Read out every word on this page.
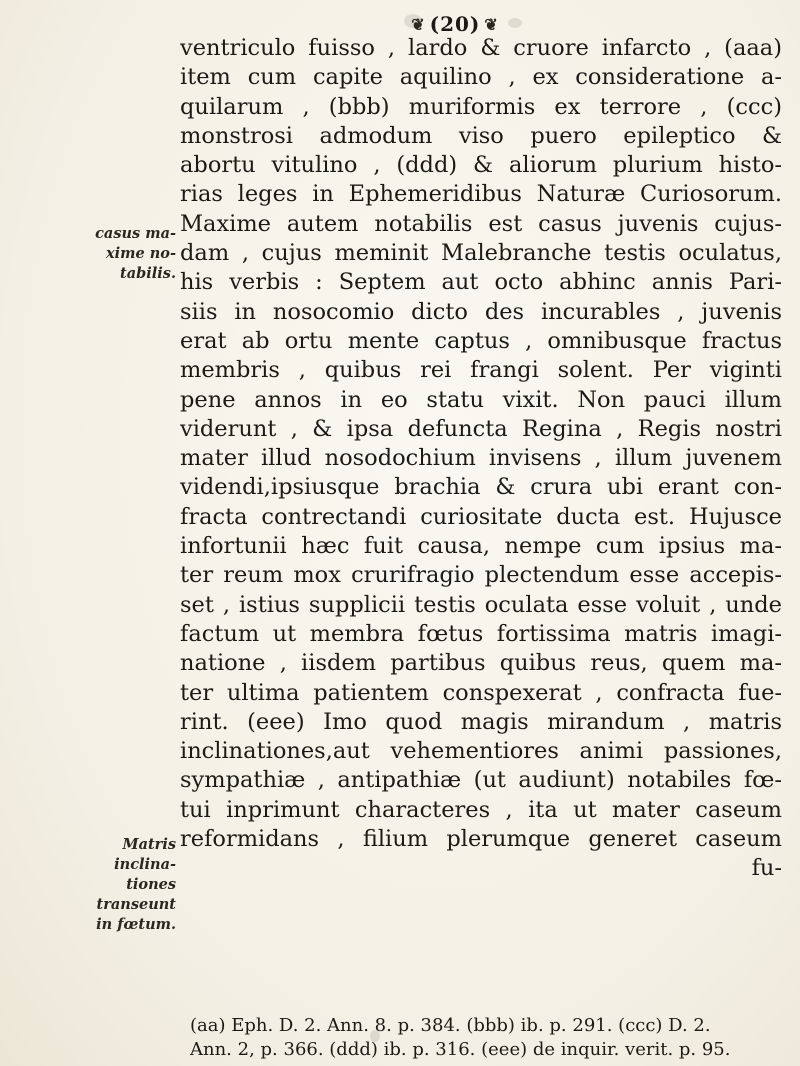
❦ (20) ❦
casus ma-
xime no-
tabilis.
Matris
inclina-
tiones
transeunt
in fœtum.
ventriculo fuisso , lardo & cruore infarcto , (aaa)
item cum capite aquilino , ex consideratione a-
quilarum , (bbb) muriformis ex terrore , (ccc)
monstrosi admodum viso puero epileptico &
abortu vitulino , (ddd) & aliorum plurium histo-
rias leges in Ephemeridibus Naturæ Curiosorum.
Maxime autem notabilis est casus juvenis cujus-
dam , cujus meminit Malebranche testis oculatus,
his verbis : Septem aut octo abhinc annis Pari-
siis in nosocomio dicto des incurables , juvenis
erat ab ortu mente captus , omnibusque fractus
membris , quibus rei frangi solent. Per viginti
pene annos in eo statu vixit. Non pauci illum
viderunt , & ipsa defuncta Regina , Regis nostri
mater illud nosodochium invisens , illum juvenem
videndi,ipsiusque brachia & crura ubi erant con-
fracta contrectandi curiositate ducta est. Hujusce
infortunii hæc fuit causa, nempe cum ipsius ma-
ter reum mox crurifragio plectendum esse accepis-
set , istius supplicii testis oculata esse voluit , unde
factum ut membra fœtus fortissima matris imagi-
natione , iisdem partibus quibus reus, quem ma-
ter ultima patientem conspexerat , confracta fue-
rint. (eee) Imo quod magis mirandum , matris
inclinationes,aut vehementiores animi passiones,
sympathiæ , antipathiæ (ut audiunt) notabiles fœ-
tui inprimunt characteres , ita ut mater caseum
reformidans , filium plerumque generet caseum
fu-
(aa) Eph. D. 2. Ann. 8. p. 384. (bbb) ib. p. 291. (ccc) D. 2.
Ann. 2, p. 366. (ddd) ib. p. 316. (eee) de inquir. verit. p. 95.
